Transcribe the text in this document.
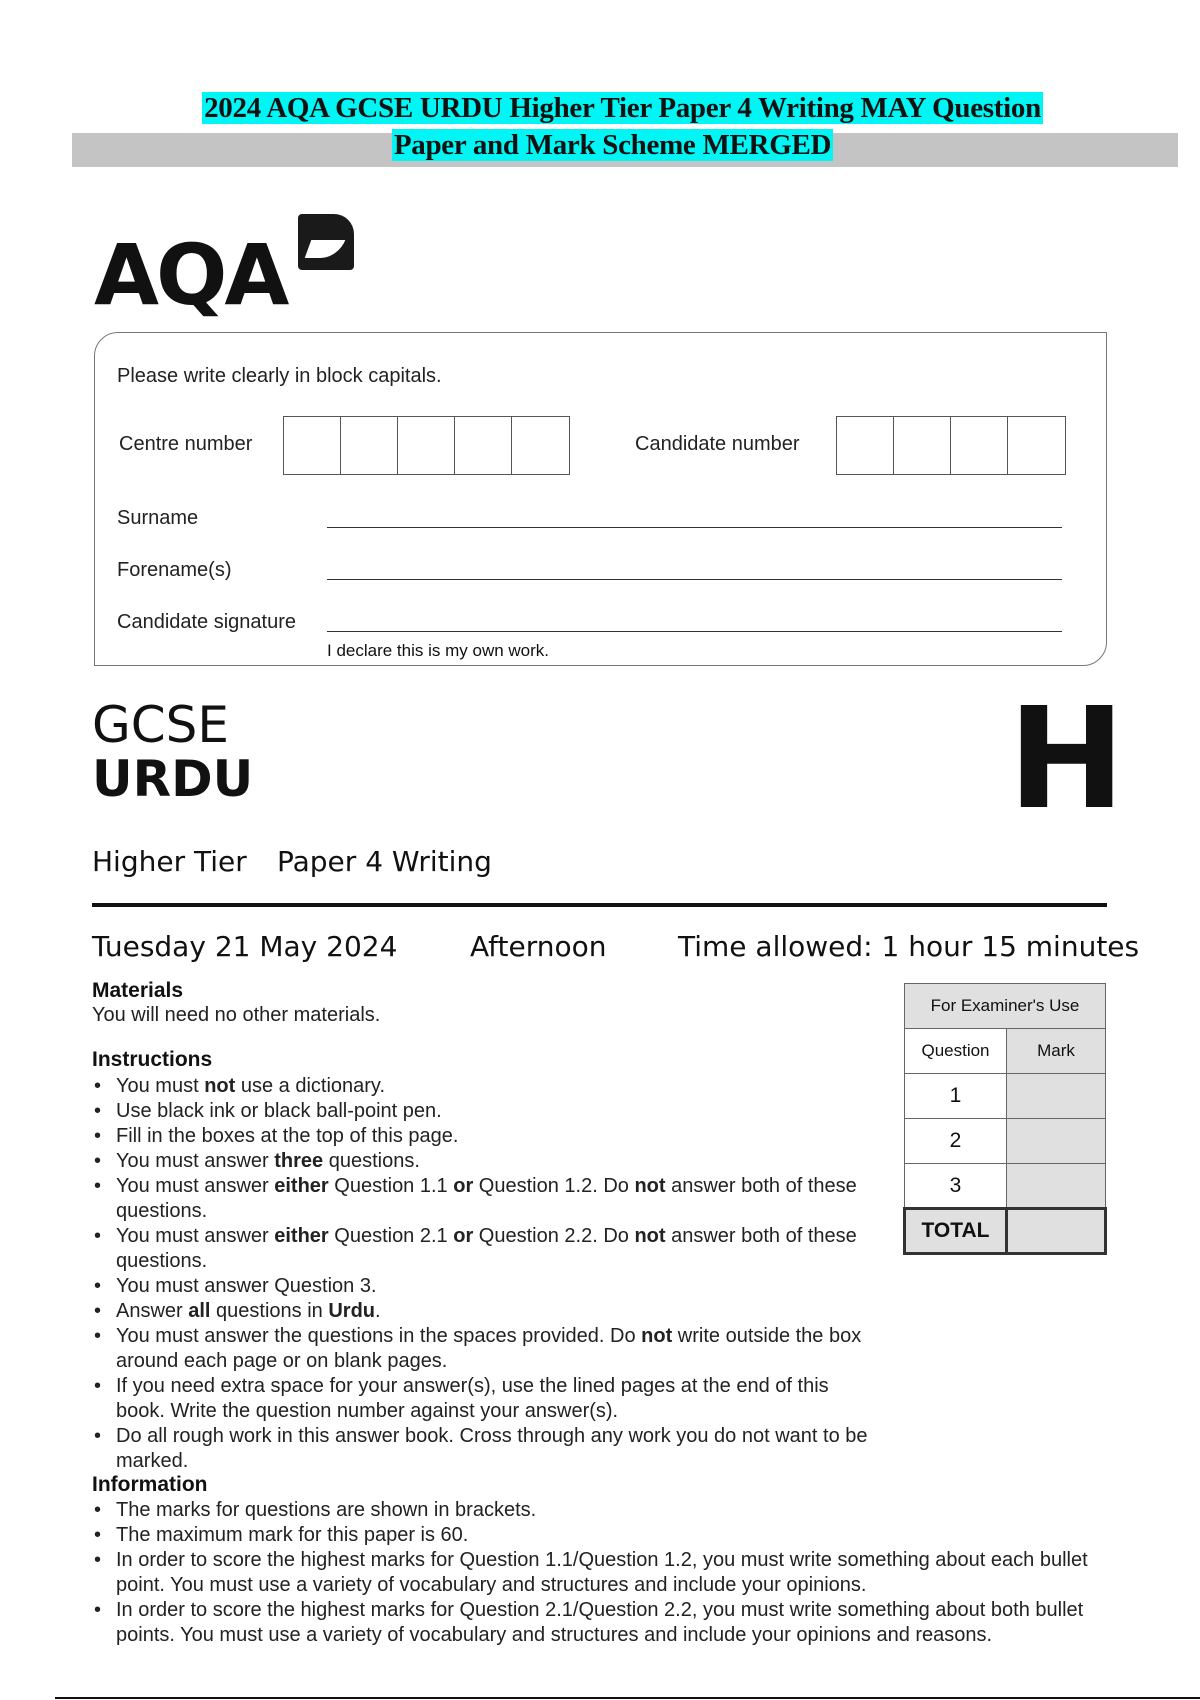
2024 AQA GCSE URDU Higher Tier Paper 4 Writing MAY Question
Paper and Mark Scheme MERGED
AQA
Please write clearly in block capitals.
Centre number	Candidate number
Surname
Forename(s)
Candidate signature
I declare this is my own work.
GCSE
URDU	H
Higher Tier Paper 4 Writing
Tuesday 21 May 2024	Afternoon	Time allowed: 1 hour 15 minutes
Materials
You will need no other materials.	For Examiner's Use	
Question	Mark
1	
2	
3	
TOTAL	
Instructions
• You must not use a dictionary.
• Use black ink or black ball-point pen.
• Fill in the boxes at the top of this page.
• You must answer three questions.
• You must answer either Question 1.1 or Question 1.2. Do not answer both of these questions.
• You must answer either Question 2.1 or Question 2.2. Do not answer both of these questions.
• You must answer Question 3.
• Answer all questions in Urdu.
• You must answer the questions in the spaces provided. Do not write outside the box around each page or on blank pages.
• If you need extra space for your answer(s), use the lined pages at the end of this book. Write the question number against your answer(s).
• Do all rough work in this answer book. Cross through any work you do not want to be marked.
Information
• The marks for questions are shown in brackets.
• The maximum mark for this paper is 60.
• In order to score the highest marks for Question 1.1/Question 1.2, you must write something about each bullet point. You must use a variety of vocabulary and structures and include your opinions.
• In order to score the highest marks for Question 2.1/Question 2.2, you must write something about both bullet points. You must use a variety of vocabulary and structures and include your opinions and reasons.
